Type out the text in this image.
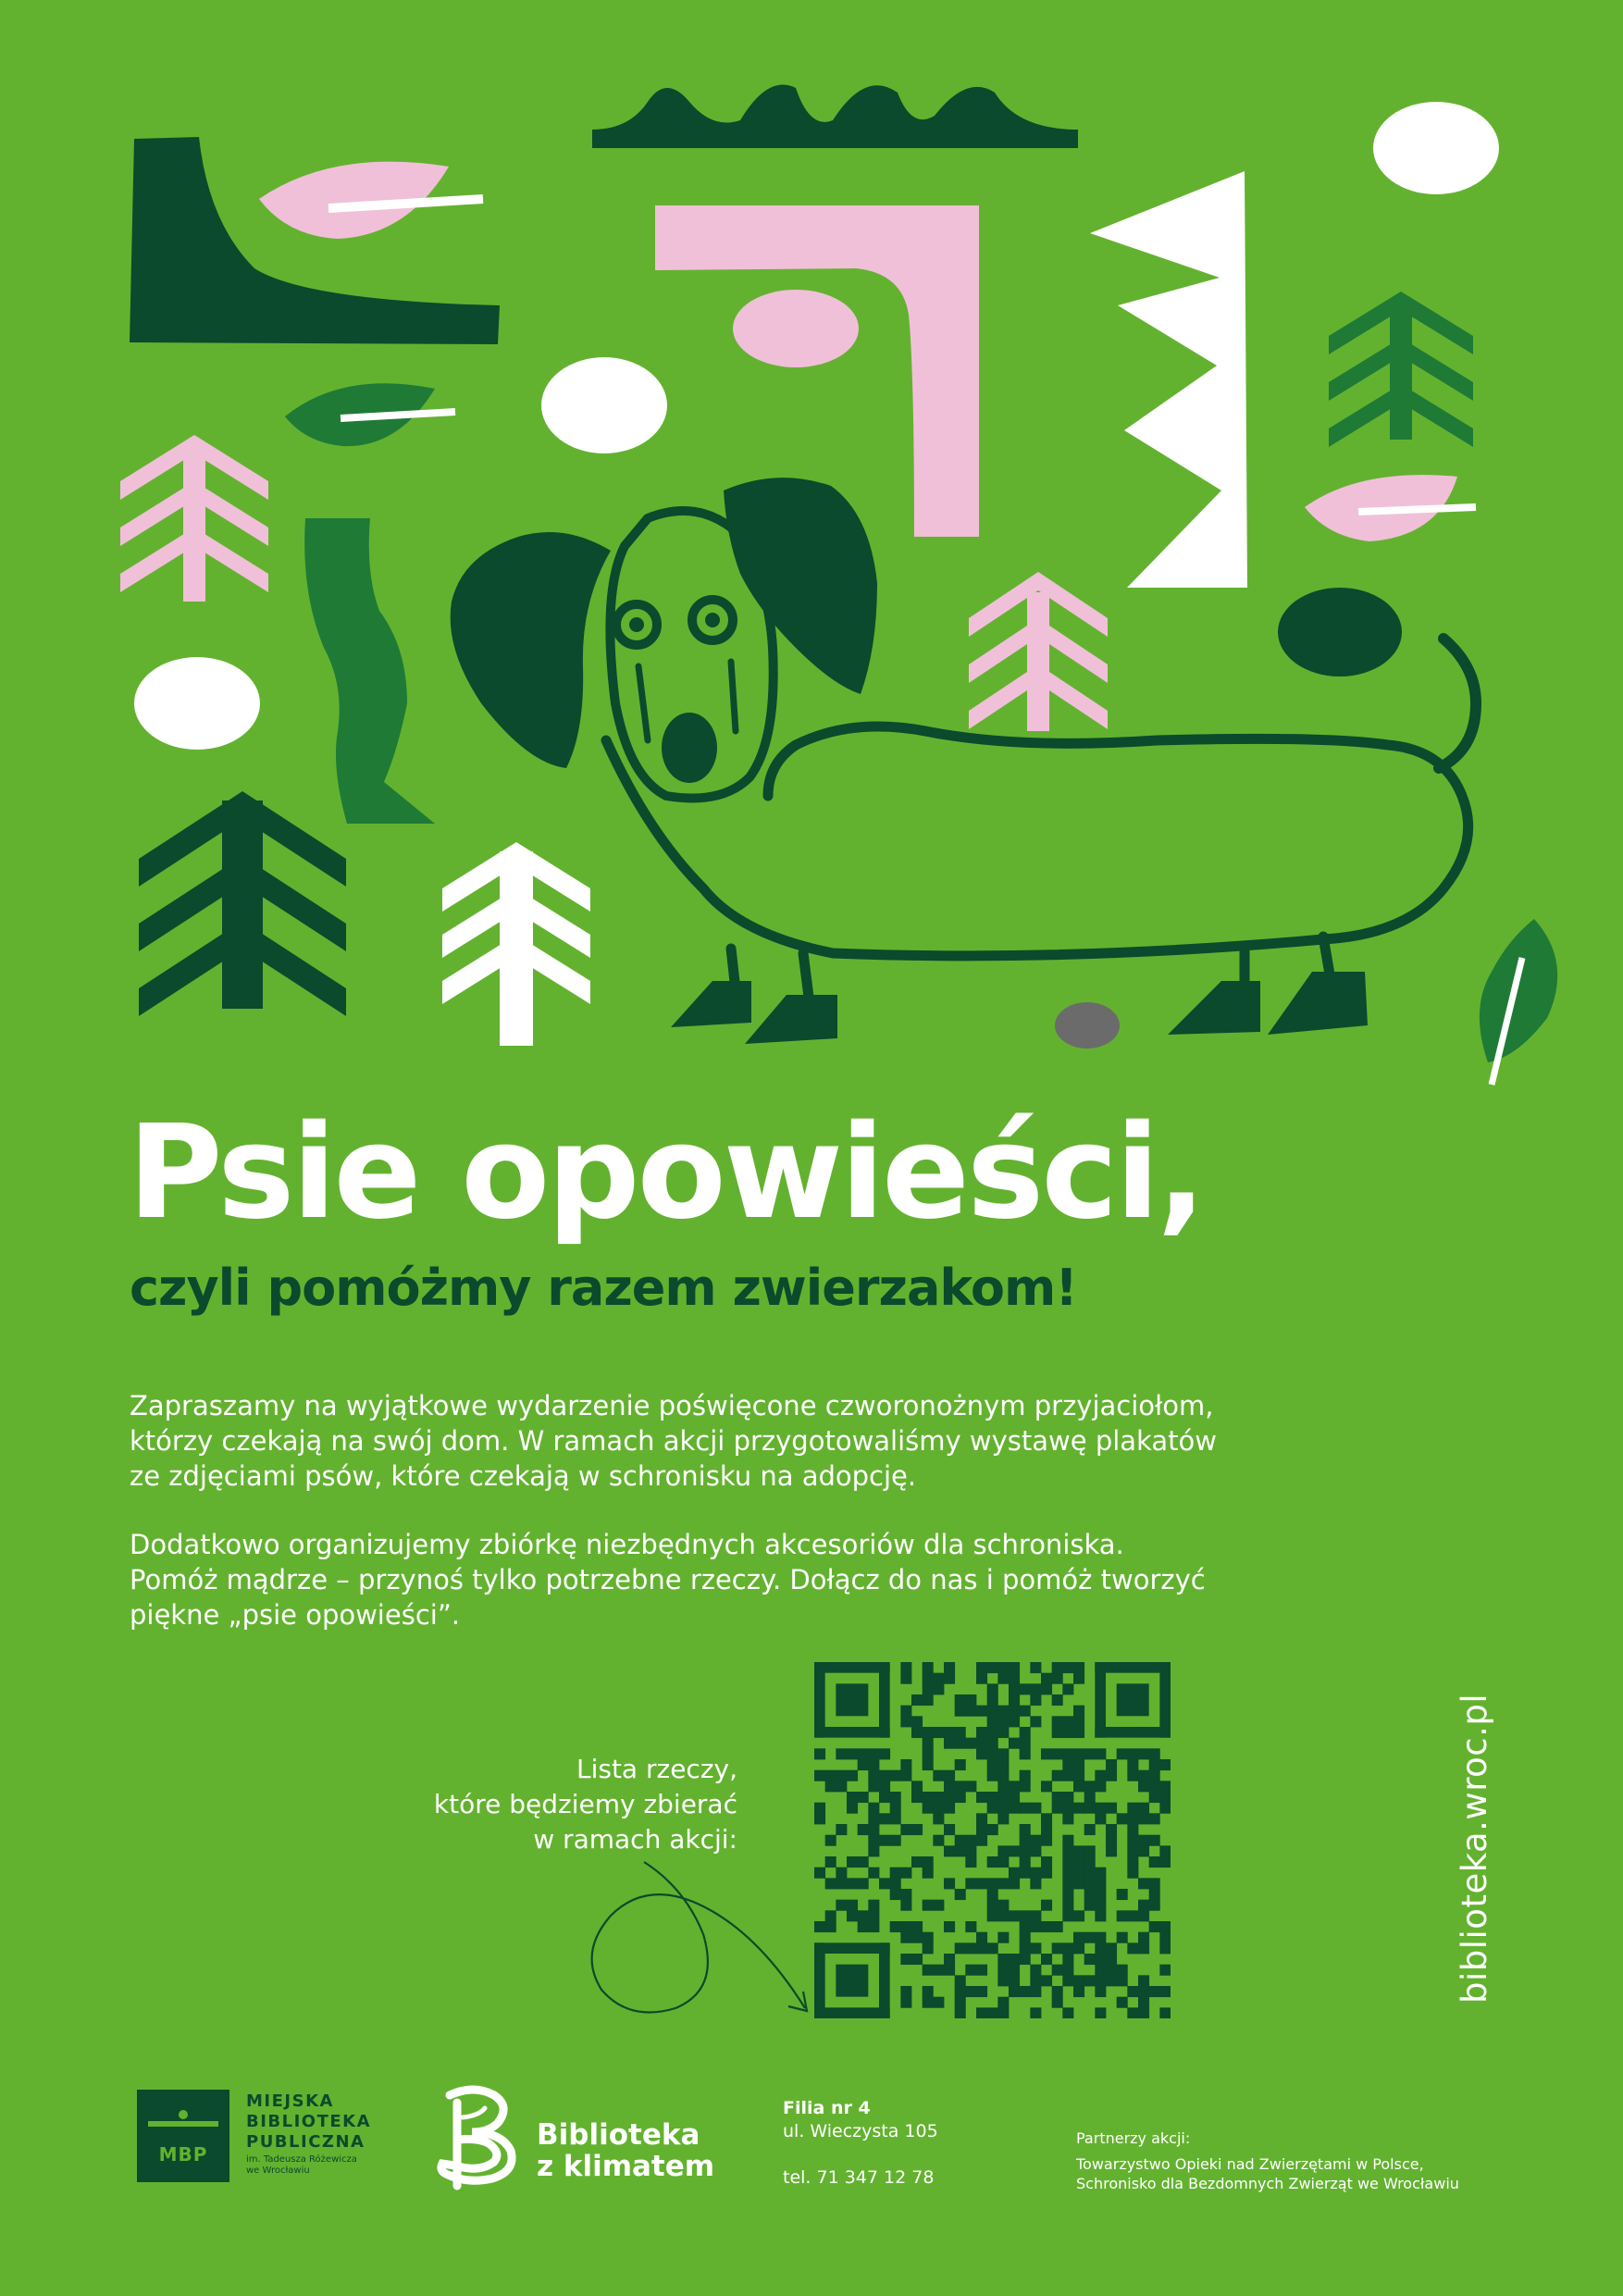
Psie opowieści,
czyli pomóżmy razem zwierzakom!
Zapraszamy na wyjątkowe wydarzenie poświęcone czworonożnym przyjaciołom,
którzy czekają na swój dom. W ramach akcji przygotowaliśmy wystawę plakatów
ze zdjęciami psów, które czekają w schronisku na adopcję.
Dodatkowo organizujemy zbiórkę niezbędnych akcesoriów dla schroniska.
Pomóż mądrze – przynoś tylko potrzebne rzeczy. Dołącz do nas i pomóż tworzyć
piękne „psie opowieści”.
Lista rzeczy,
które będziemy zbierać
w ramach akcji:	biblioteka.wroc.pl
MBP
MIEJSKA
BIBLIOTEKA
PUBLICZNA
im. Tadeusza Różewicza
we Wrocławiu
Biblioteka
z klimatem
Filia nr 4
ul. Wieczysta 105
tel. 71 347 12 78
Partnerzy akcji:
Towarzystwo Opieki nad Zwierzętami w Polsce,
Schronisko dla Bezdomnych Zwierząt we Wrocławiu
